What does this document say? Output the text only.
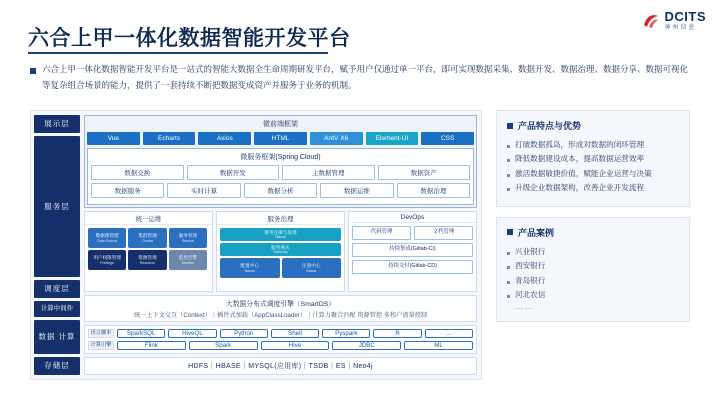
DCITS
神州信息
六合上甲一体化数据智能开发平台
六合上甲一体化数据智能开发平台是一站式的智能大数据全生命周期研发平台，赋予用户仅通过单一平台，即可实现数据采集、数据开发、数据治理、数据分享、数据可视化等复杂组合场景的能力，提供了一套持续不断把数据变成资产并服务于业务的机制。
展示层
服务层
调度层
计算中间件
数据 计算
存储层
微前端框架
Vue	Echarts	Axios	HTML	AntV X6	Element-UI	CSS
微服务框架(Spring Cloud)
数据交换	数据开发	主数据管理	数据资产
数据服务	实时计算	数据分析	数据运维	数据治理
统一运维
数据源管理
Data Source
集群管理
Cluster
服务管理
Service
用户权限管理
Privilege
资源管理
Resource
监控告警
Monitor
服务治理
服务注册与发现
Nacos
服务网关
Gateway
配置中心
Nacos
注册中心
Nacos
DevOps
代码管理	文档管理
持续集成(Gitlab-CI)
持续交付(Gitlab-CD)
大数据分布式调度引擎（SmartDS）
统一上下文交互（Context）｜插件式加载（AppClassLoader）｜计算力聚合匹配 资源管控 多租户流量控制
语言脚本
计算引擎
SparkSQL	HiveQL	Python	Shell	Pyspark	R	...
Flink	Spark	Hive	JDBC	ML
HDFS｜HBASE｜MYSQL(应用库)｜TSDB｜ES｜Neo4j
产品特点与优势
打破数据孤岛，形成对数据的闭环管理
降低数据建设成本，提高数据运营效率
激活数据敏捷价值，赋能企业运营与决策
升级企业数据架构，改善企业开发流程
产品案例
兴业银行
西安银行
青岛银行
河北农信
……
